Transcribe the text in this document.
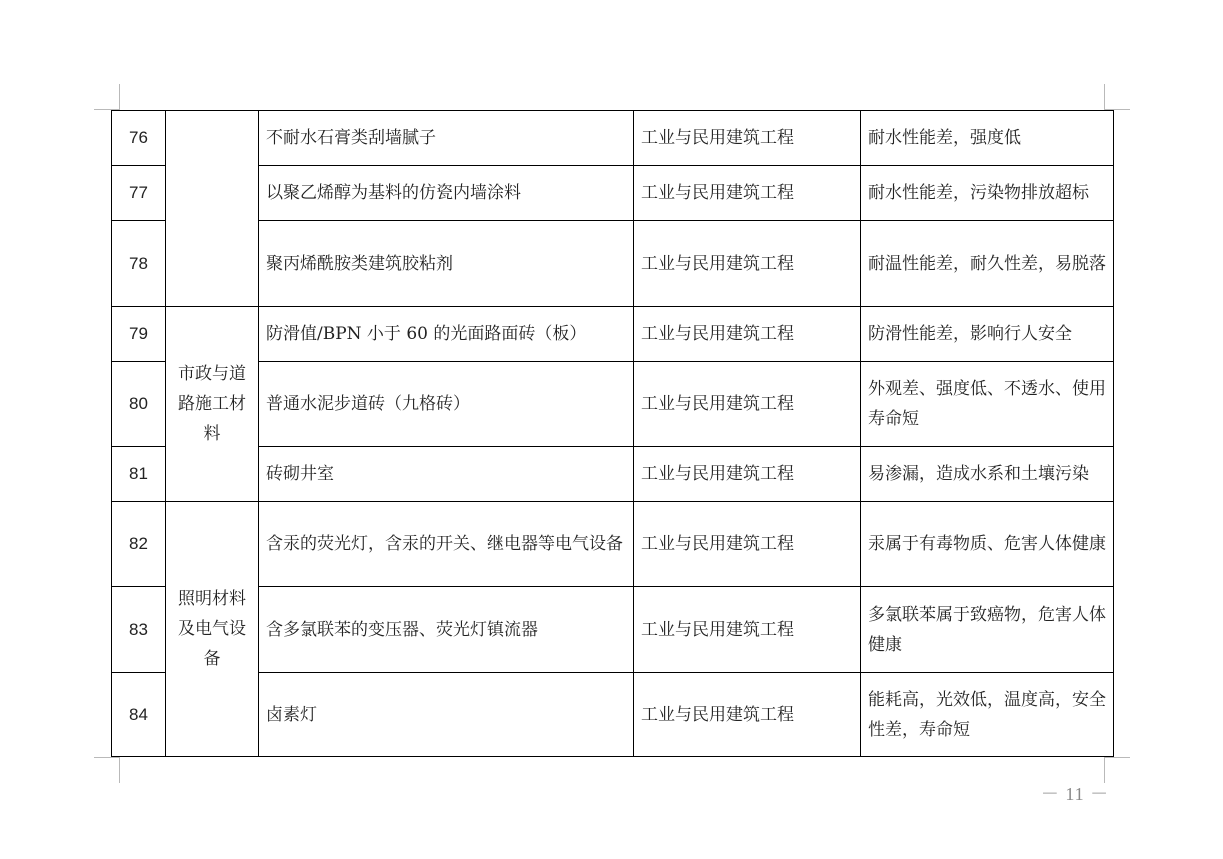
76		不耐水石膏类刮墙腻子	工业与民用建筑工程	耐水性能差，强度低
77		以聚乙烯醇为基料的仿瓷内墙涂料	工业与民用建筑工程	耐水性能差，污染物排放超标
78		聚丙烯酰胺类建筑胶粘剂	工业与民用建筑工程	耐温性能差，耐久性差，易脱落
79	市政与道路施工材料	防滑值/BPN 小于 60 的光面路面砖（板）	工业与民用建筑工程	防滑性能差，影响行人安全
80		普通水泥步道砖（九格砖）	工业与民用建筑工程	外观差、强度低、不透水、使用寿命短
81		砖砌井室	工业与民用建筑工程	易渗漏，造成水系和土壤污染
82	照明材料及电气设备	含汞的荧光灯，含汞的开关、继电器等电气设备	工业与民用建筑工程	汞属于有毒物质、危害人体健康
83		含多氯联苯的变压器、荧光灯镇流器	工业与民用建筑工程	多氯联苯属于致癌物，危害人体健康
84		卤素灯	工业与民用建筑工程	能耗高，光效低，温度高，安全性差，寿命短
－ 11 －
